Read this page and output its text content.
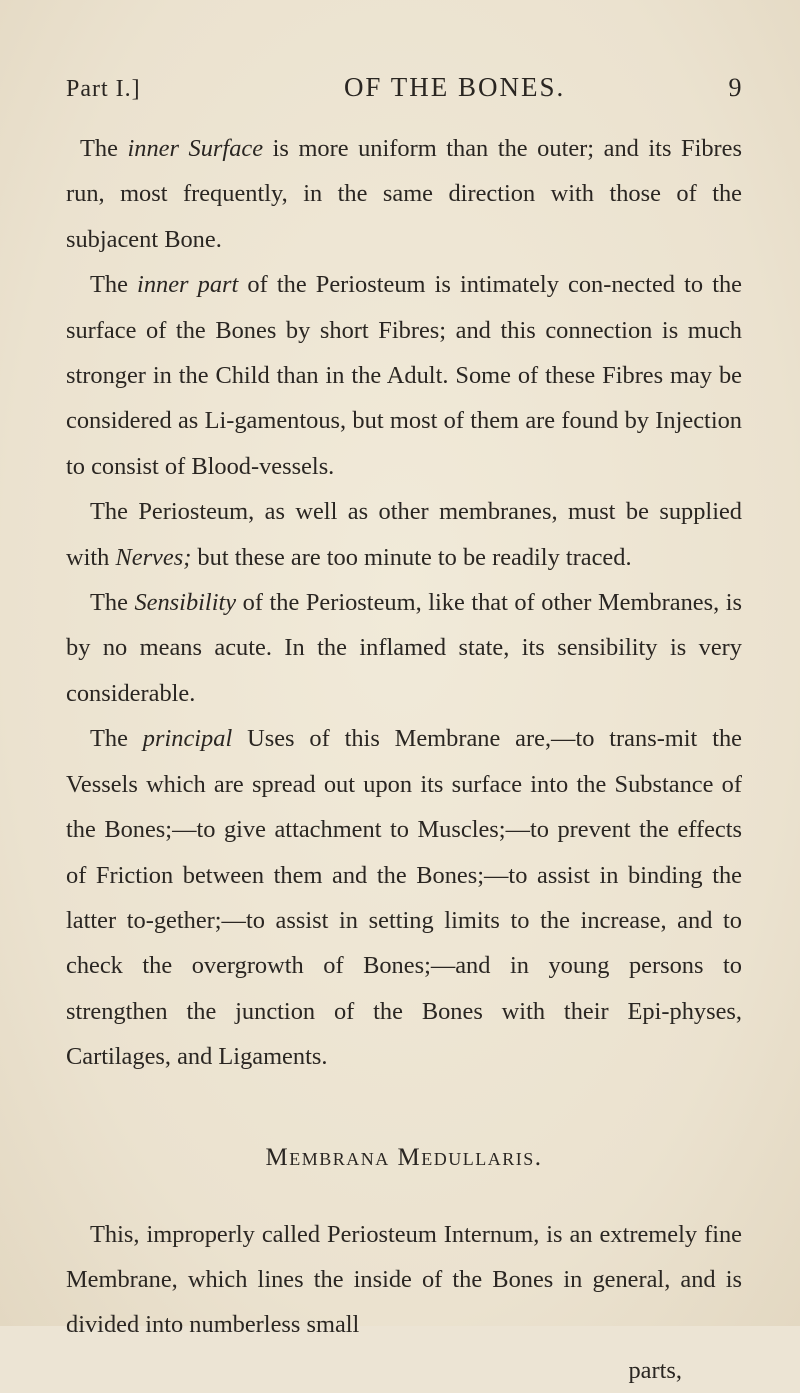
Part I.]	OF THE BONES.	9

The inner Surface is more uniform than the outer; and its Fibres run, most frequently, in the same direction with those of the subjacent Bone.

The inner part of the Periosteum is intimately con-nected to the surface of the Bones by short Fibres; and this connection is much stronger in the Child than in the Adult. Some of these Fibres may be considered as Li-gamentous, but most of them are found by Injection to consist of Blood-vessels.

The Periosteum, as well as other membranes, must be supplied with Nerves; but these are too minute to be readily traced.

The Sensibility of the Periosteum, like that of other Membranes, is by no means acute. In the inflamed state, its sensibility is very considerable.

The principal Uses of this Membrane are,—to trans-mit the Vessels which are spread out upon its surface into the Substance of the Bones;—to give attachment to Muscles;—to prevent the effects of Friction between them and the Bones;—to assist in binding the latter to-gether;—to assist in setting limits to the increase, and to check the overgrowth of Bones;—and in young persons to strengthen the junction of the Bones with their Epi-physes, Cartilages, and Ligaments.

Membrana Medullaris.

This, improperly called Periosteum Internum, is an extremely fine Membrane, which lines the inside of the Bones in general, and is divided into numberless small

parts,
